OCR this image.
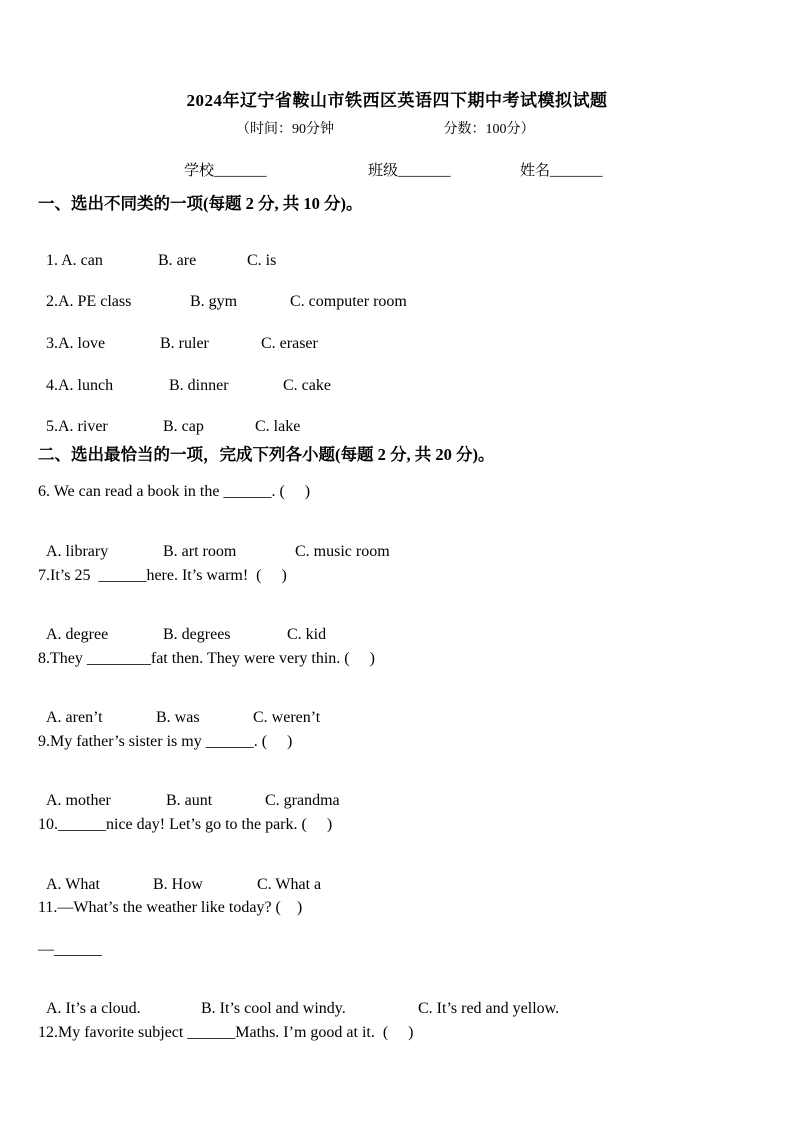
2024年辽宁省鞍山市铁西区英语四下期中考试模拟试题
（时间：90分钟	分数：100分）
学校_______	班级_______	姓名_______
一、选出不同类的一项(每题 2 分, 共 10 分)。

1. A. can	B. are	C. is

2.A. PE class	B. gym	C. computer room

3.A. love	B. ruler	C. eraser

4.A. lunch	B. dinner	C. cake

5.A. river	B. cap	C. lake

二、选出最恰当的一项，完成下列各小题(每题 2 分, 共 20 分)。
6. We can read a book in the ______. (     )

A. library	B. art room	C. music room

7.It’s 25  ______here. It’s warm!  (     )

A. degree	B. degrees	C. kid

8.They ________fat then. They were very thin. (     )

A. aren’t	B. was	C. weren’t

9.My father’s sister is my ______. (     )

A. mother	B. aunt	C. grandma

10.______nice day! Let’s go to the park. (     )

A. What	B. How	C. What a

11.—What’s the weather like today? (    )
—______

A. It’s a cloud.	B. It’s cool and windy.	C. It’s red and yellow.

12.My favorite subject ______Maths. I’m good at it.  (     )
